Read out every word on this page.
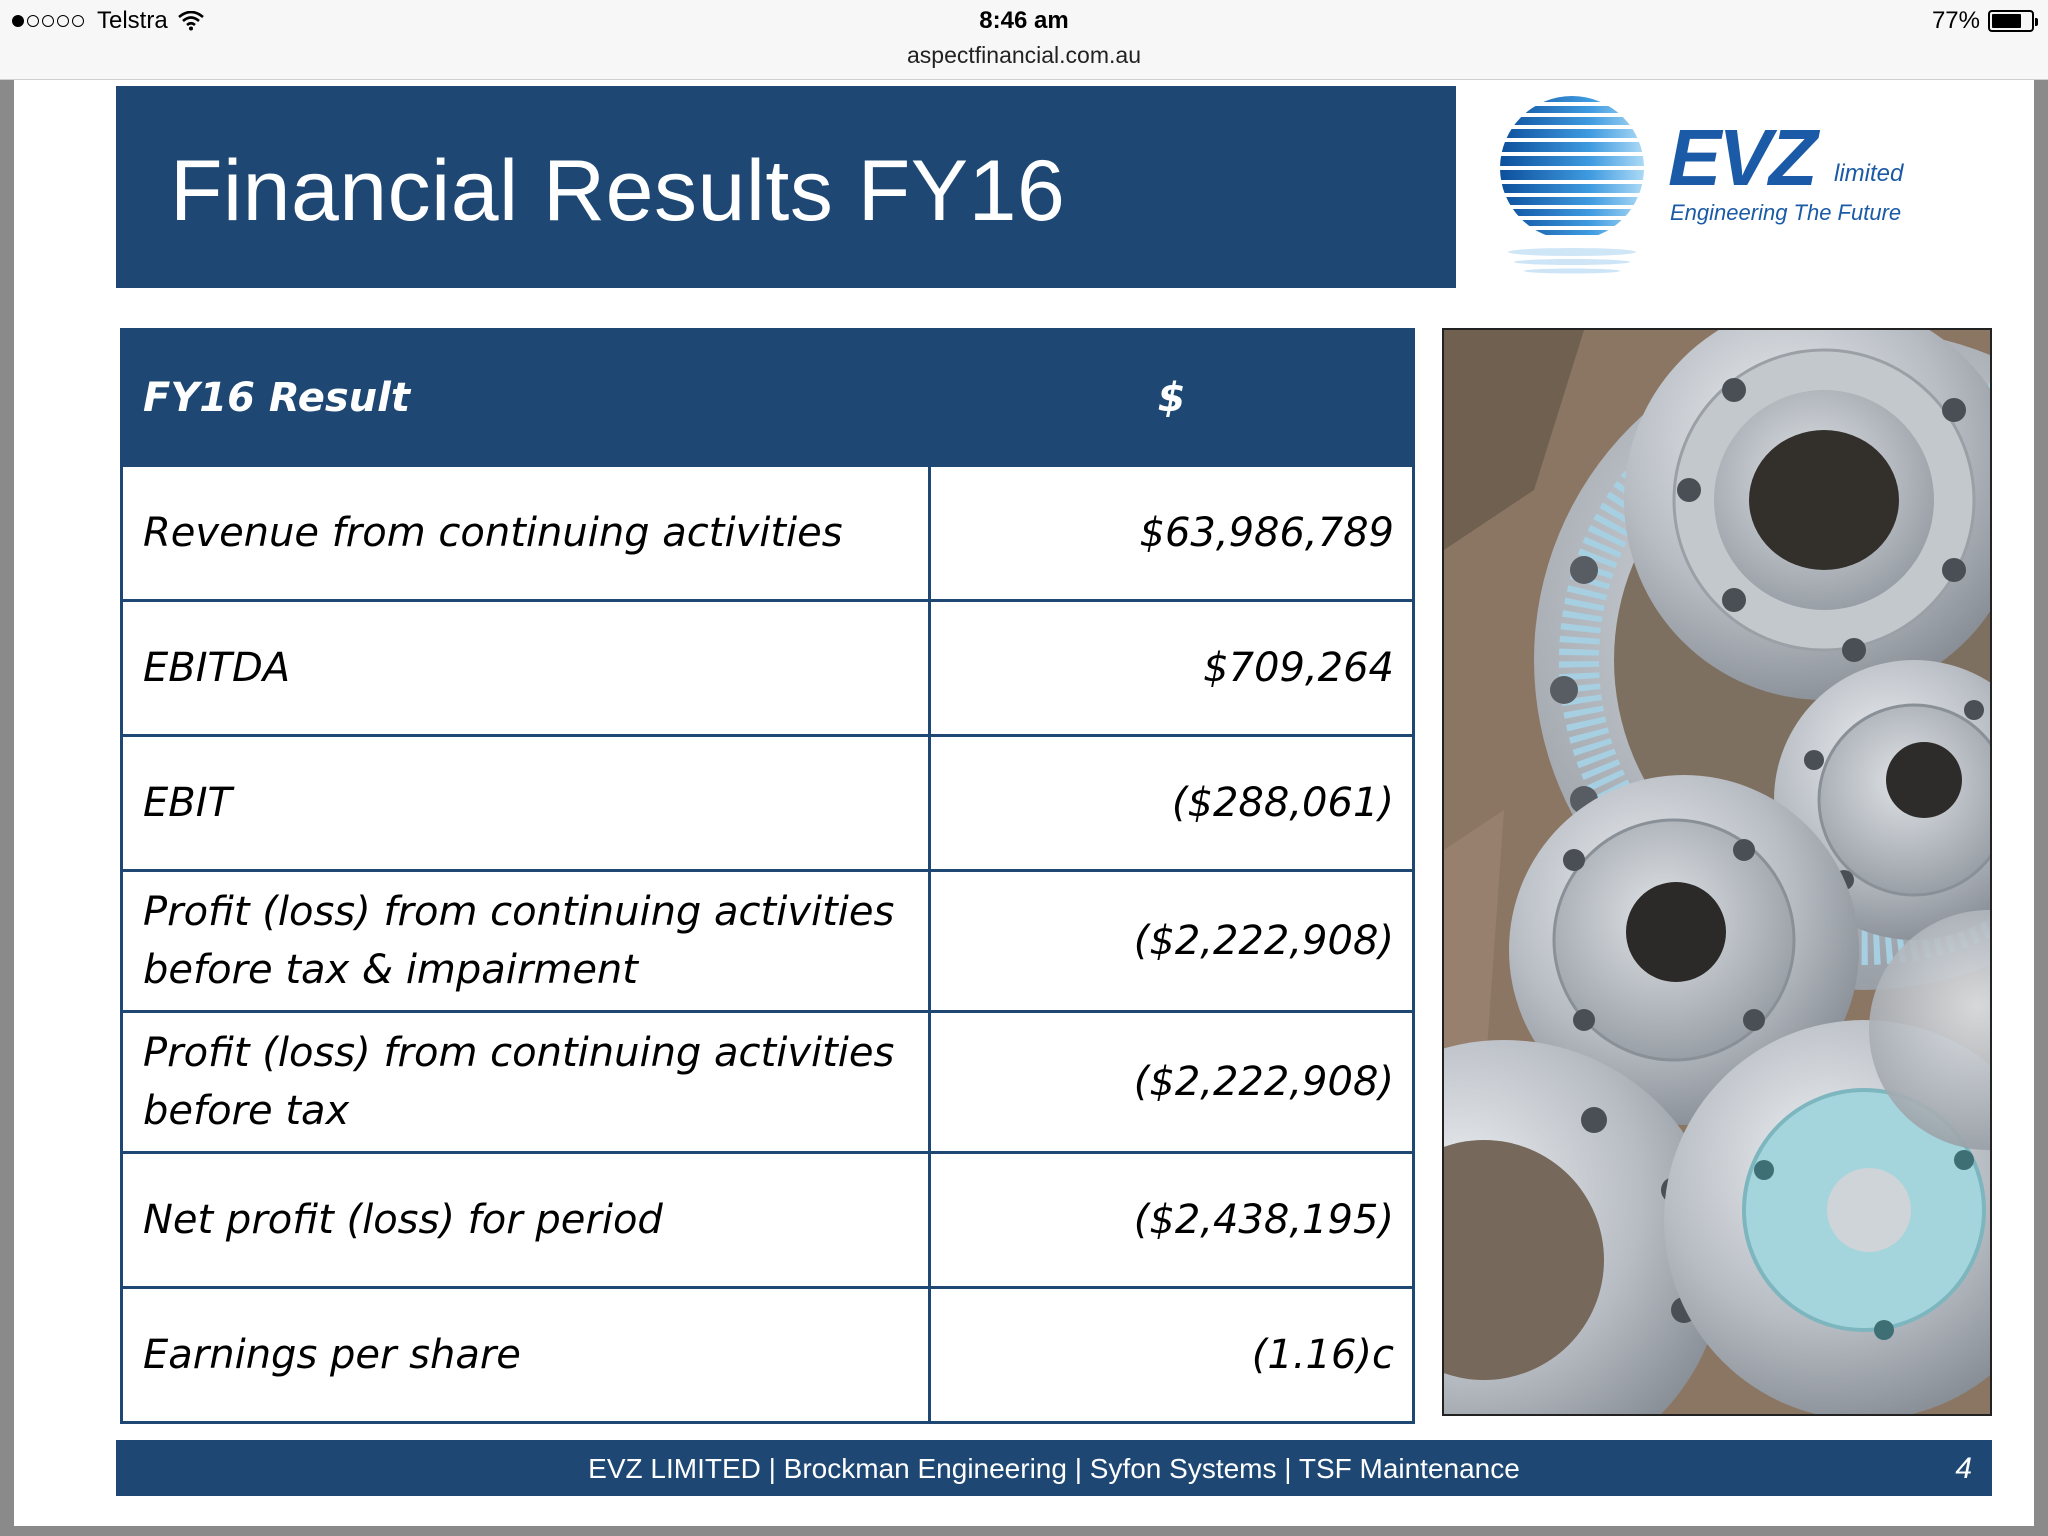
Telstra	8:46 am
aspectfinancial.com.au
77%
Financial Results FY16	EVZ limited
Engineering The Future
FY16 Result	$
Revenue from continuing activities	$63,986,789
EBITDA	$709,264
EBIT	($288,061)
Profit (loss) from continuing activities before tax & impairment	($2,222,908)
Profit (loss) from continuing activities before tax	($2,222,908)
Net profit (loss) for period	($2,438,195)
Earnings per share	(1.16)c
EVZ LIMITED | Brockman Engineering | Syfon Systems | TSF Maintenance	4
